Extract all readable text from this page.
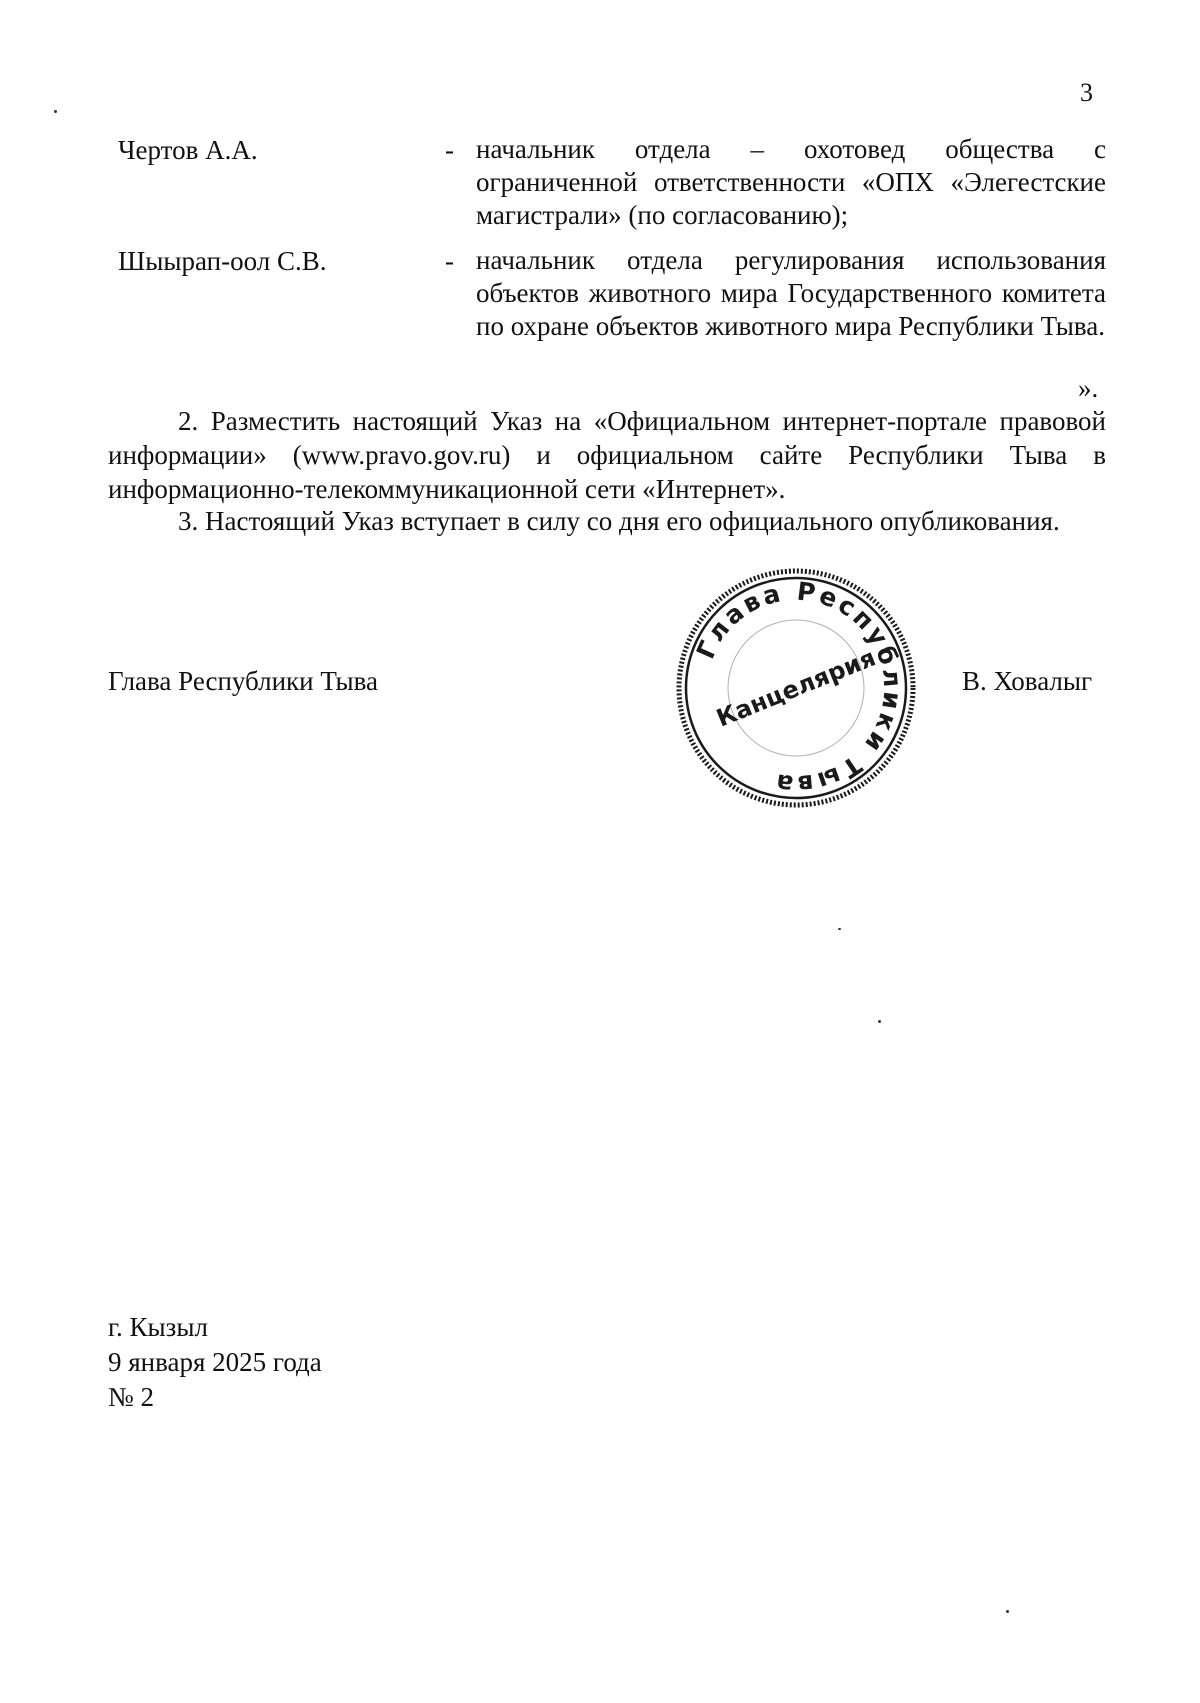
3
Чертов А.А.	- начальник отдела – охотовед общества с ограниченной ответственности «ОПХ «Элегестские магистрали» (по согласованию);
Шыырап-оол С.В.	- начальник отдела регулирования использования объектов животного мира Государственного комитета по охране объектов животного мира Республики Тыва.
».
2. Разместить настоящий Указ на «Официальном интернет-портале правовой информации» (www.pravo.gov.ru) и официальном сайте Республики Тыва в информационно-телекоммуникационной сети «Интернет».
3. Настоящий Указ вступает в силу со дня его официального опубликования.
Глава Республики Тыва	В. Ховалыг
Глава Республики Тыва
Канцелярия
г. Кызыл
9 января 2025 года
№ 2
